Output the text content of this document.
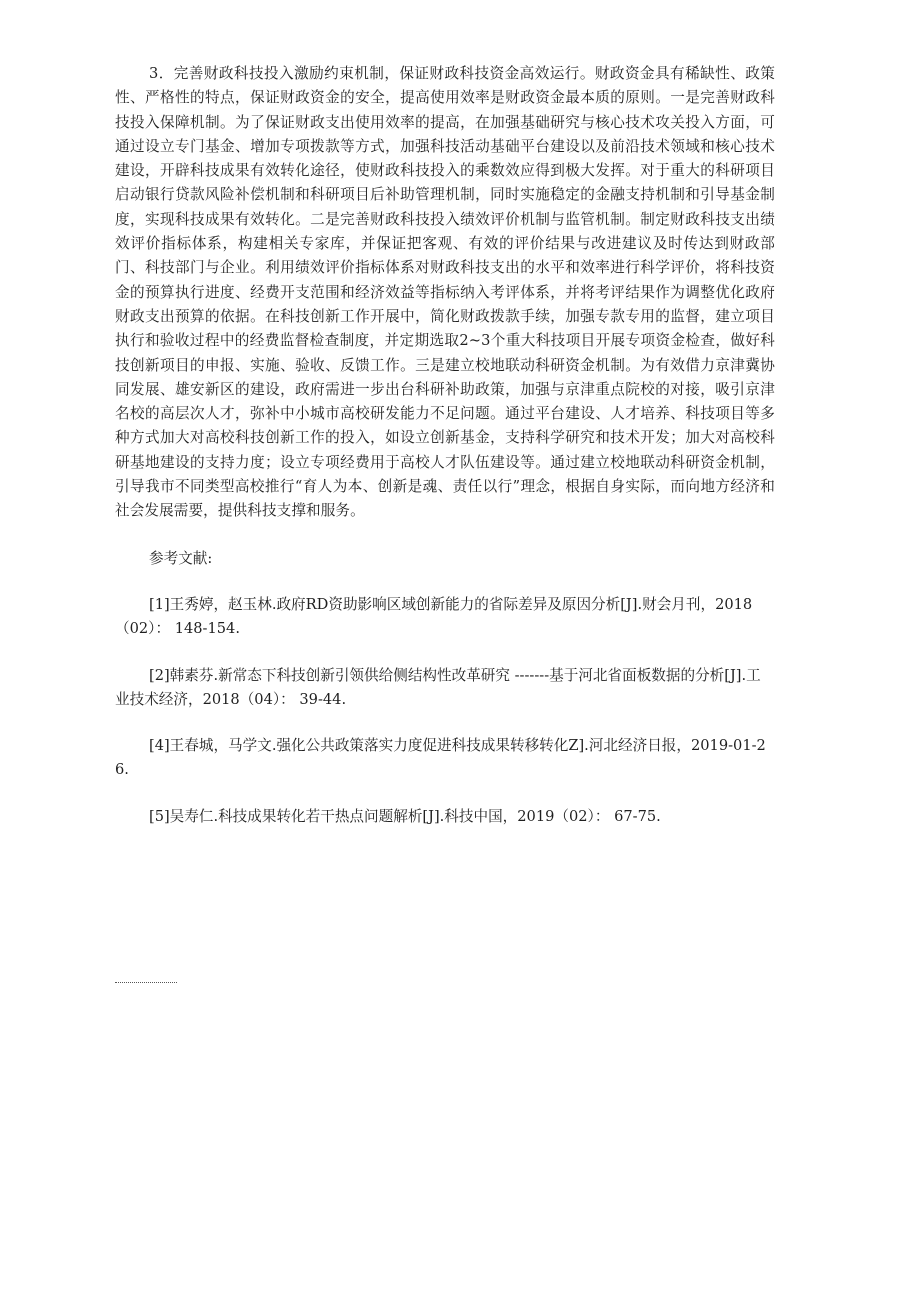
3．完善财政科技投入激励约束机制，保证财政科技资金高效运行。财政资金具有稀缺性、政策性、严格性的特点，保证财政资金的安全，提高使用效率是财政资金最本质的原则。一是完善财政科技投入保障机制。为了保证财政支出使用效率的提高，在加强基础研究与核心技术攻关投入方面，可通过设立专门基金、增加专项拨款等方式，加强科技活动基础平台建设以及前沿技术领域和核心技术建设，开辟科技成果有效转化途径，使财政科技投入的乘数效应得到极大发挥。对于重大的科研项目启动银行贷款风险补偿机制和科研项目后补助管理机制，同时实施稳定的金融支持机制和引导基金制度，实现科技成果有效转化。二是完善财政科技投入绩效评价机制与监管机制。制定财政科技支出绩效评价指标体系，构建相关专家库，并保证把客观、有效的评价结果与改进建议及时传达到财政部门、科技部门与企业。利用绩效评价指标体系对财政科技支出的水平和效率进行科学评价，将科技资金的预算执行进度、经费开支范围和经济效益等指标纳入考评体系，并将考评结果作为调整优化政府财政支出预算的依据。在科技创新工作开展中，简化财政拨款手续，加强专款专用的监督，建立项目执行和验收过程中的经费监督检查制度，并定期选取2~3个重大科技项目开展专项资金检查，做好科技创新项目的申报、实施、验收、反馈工作。三是建立校地联动科研资金机制。为有效借力京津冀协同发展、雄安新区的建设，政府需进一步出台科研补助政策，加强与京津重点院校的对接，吸引京津名校的高层次人才，弥补中小城市高校研发能力不足问题。通过平台建设、人才培养、科技项目等多种方式加大对高校科技创新工作的投入，如设立创新基金，支持科学研究和技术开发；加大对高校科研基地建设的支持力度；设立专项经费用于高校人才队伍建设等。通过建立校地联动科研资金机制，引导我市不同类型高校推行“育人为本、创新是魂、责任以行”理念，根据自身实际，而向地方经济和社会发展需要，提供科技支撑和服务。

参考文献:

[1]王秀婷，赵玉林.政府RD资助影响区域创新能力的省际差异及原因分析[J].财会月刊，2018（02）： 148-154.

[2]韩素芬.新常态下科技创新引领供给侧结构性改革研究 -------基于河北省面板数据的分析[J].工业技术经济，2018（04）： 39-44.

[4]王春城，马学文.强化公共政策落实力度促进科技成果转移转化Z].河北经济日报，2019-01-26.

[5]吴寿仁.科技成果转化若干热点问题解析[J].科技中国，2019（02）： 67-75.
